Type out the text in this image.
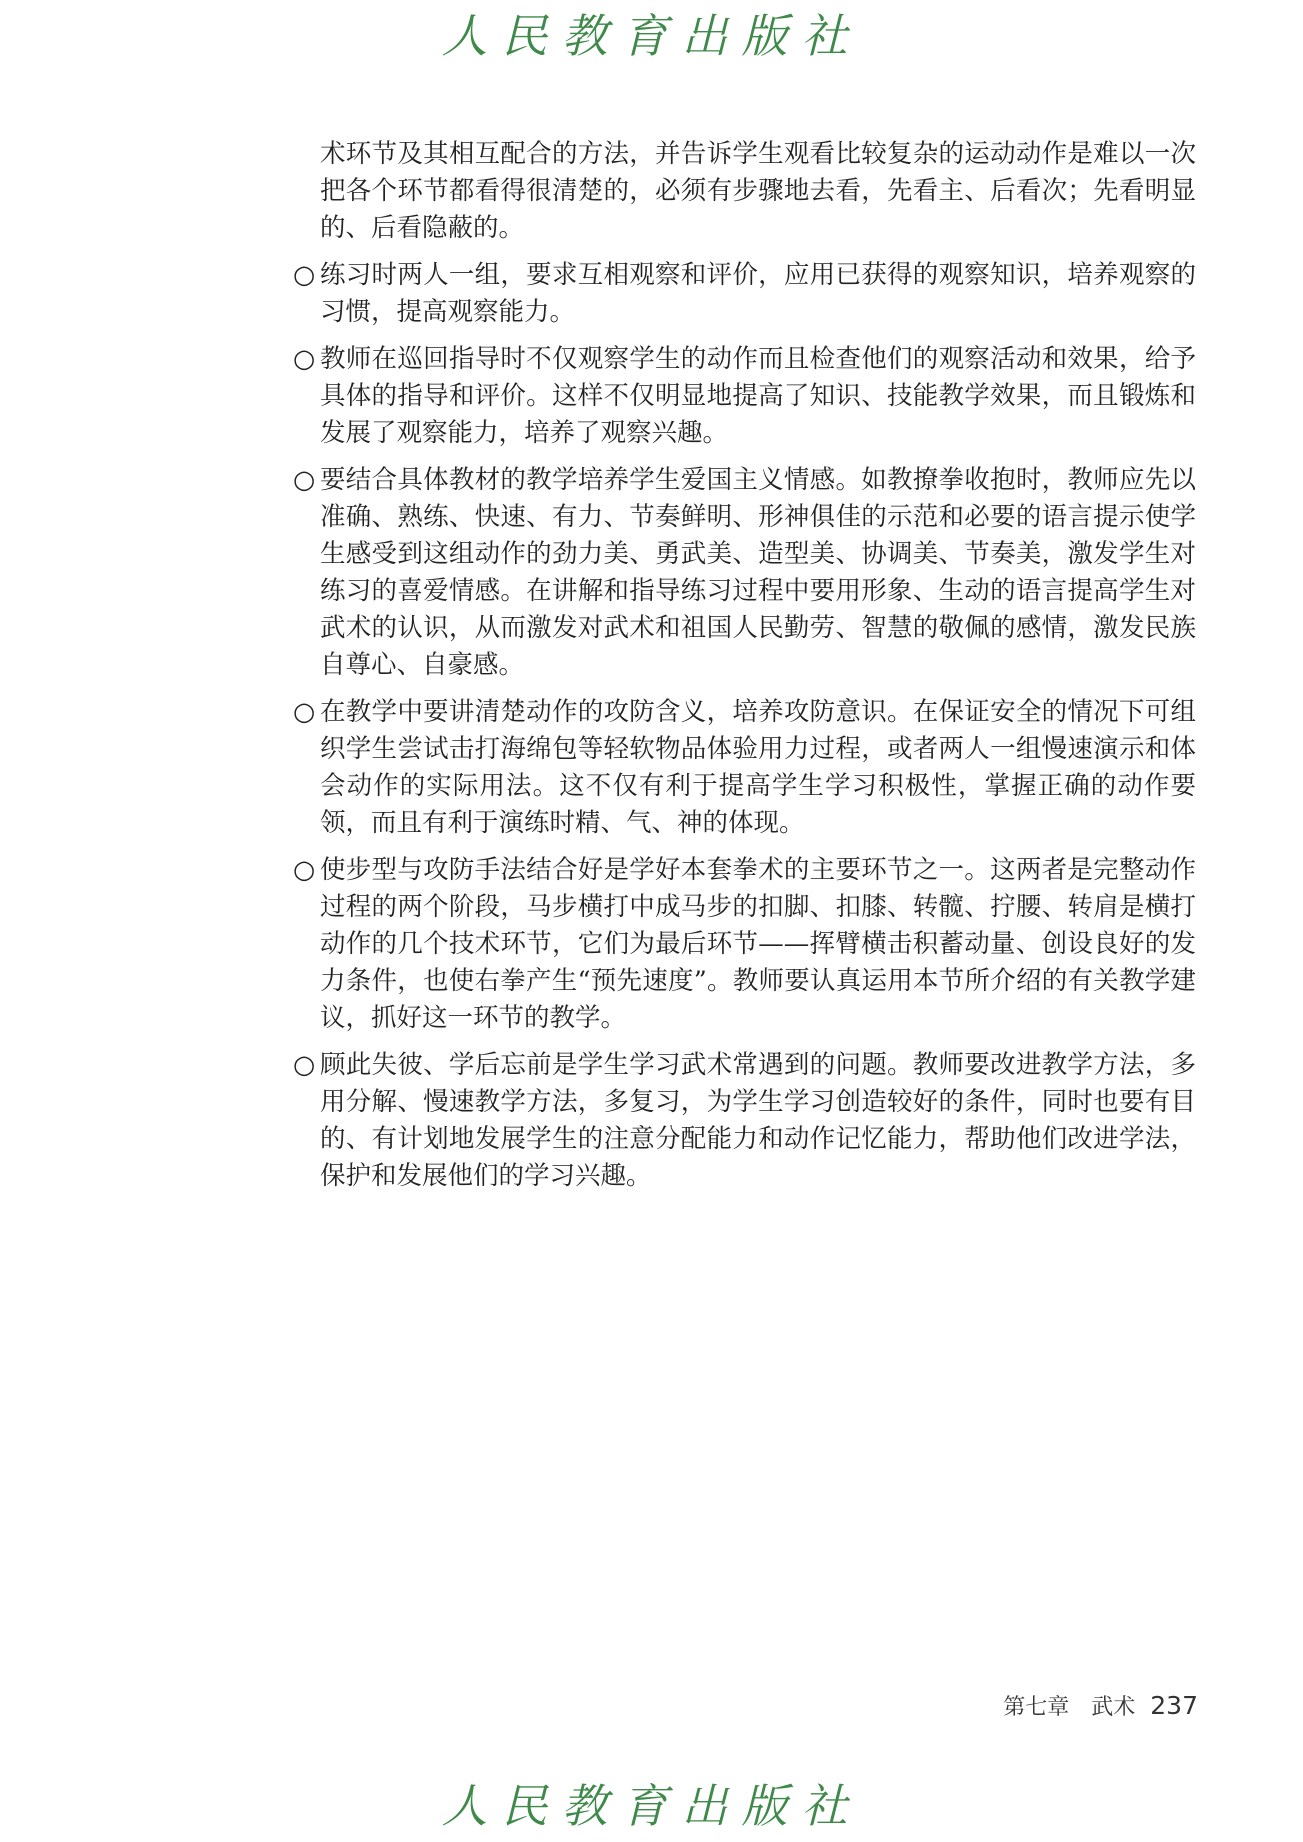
人民教育出版社
术环节及其相互配合的方法，并告诉学生观看比较复杂的运动动作是难以一次把各个环节都看得很清楚的，必须有步骤地去看，先看主、后看次；先看明显的、后看隐蔽的。
○ 练习时两人一组，要求互相观察和评价，应用已获得的观察知识，培养观察的习惯，提高观察能力。
○ 教师在巡回指导时不仅观察学生的动作而且检查他们的观察活动和效果，给予具体的指导和评价。这样不仅明显地提高了知识、技能教学效果，而且锻炼和发展了观察能力，培养了观察兴趣。
○ 要结合具体教材的教学培养学生爱国主义情感。如教撩拳收抱时，教师应先以准确、熟练、快速、有力、节奏鲜明、形神俱佳的示范和必要的语言提示使学生感受到这组动作的劲力美、勇武美、造型美、协调美、节奏美，激发学生对练习的喜爱情感。在讲解和指导练习过程中要用形象、生动的语言提高学生对武术的认识，从而激发对武术和祖国人民勤劳、智慧的敬佩的感情，激发民族自尊心、自豪感。
○ 在教学中要讲清楚动作的攻防含义，培养攻防意识。在保证安全的情况下可组织学生尝试击打海绵包等轻软物品体验用力过程，或者两人一组慢速演示和体会动作的实际用法。这不仅有利于提高学生学习积极性，掌握正确的动作要领，而且有利于演练时精、气、神的体现。
○ 使步型与攻防手法结合好是学好本套拳术的主要环节之一。这两者是完整动作过程的两个阶段，马步横打中成马步的扣脚、扣膝、转髋、拧腰、转肩是横打动作的几个技术环节，它们为最后环节——挥臂横击积蓄动量、创设良好的发力条件，也使右拳产生“预先速度”。教师要认真运用本节所介绍的有关教学建议，抓好这一环节的教学。
○ 顾此失彼、学后忘前是学生学习武术常遇到的问题。教师要改进教学方法，多用分解、慢速教学方法，多复习，为学生学习创造较好的条件，同时也要有目的、有计划地发展学生的注意分配能力和动作记忆能力，帮助他们改进学法，保护和发展他们的学习兴趣。
第七章　武术 237
人民教育出版社
